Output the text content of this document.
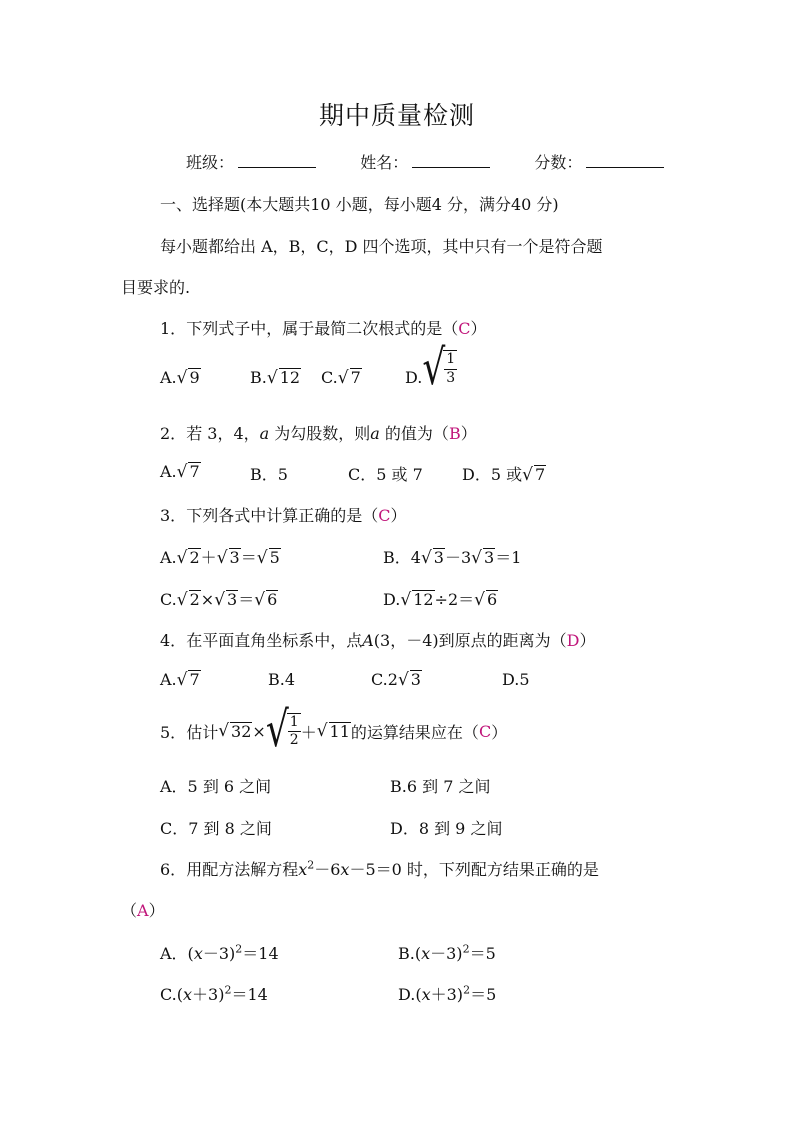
期中质量检测
班级：	姓名：	分数：
一、选择题(本大题共10 小题，每小题4 分，满分40 分)
每小题都给出 A，B，C，D 四个选项，其中只有一个是符合题
目要求的.
1．下列式子中，属于最简二次根式的是（C）
A.√ 9	B.√ 12 C.√ 7	D. √ $\frac{1}{3}$
2．若 3，4，a 为勾股数，则a 的值为（B）
A.√ 7	B．5	C．5 或 7 D．5 或√ 7
3．下列各式中计算正确的是（C）
A.√ 2＋√ 3＝√ 5	B．4√ 3－3√ 3＝1
C.√ 2×√ 3＝√ 6	D.√ 12÷2＝√ 6
4．在平面直角坐标系中，点A(3，－4)到原点的距离为（D）
A.√ 7	B.4	C.2√ 3	D.5
5． 估计 √ 32 × √ $\frac{1}{2}$ ＋ √ 11 的运算结果应在 （ C ）
A．5 到 6 之间	B.6 到 7 之间
C．7 到 8 之间	D．8 到 9 之间
6．用配方法解方程$x^2-6x-5=0$ 时，下列配方结果正确的是
（A）
A．$(x-3)^2=14$	$B.(x-3)^2=5$
$C.(x+3)^2=14$	$D.(x+3)^2=5$
